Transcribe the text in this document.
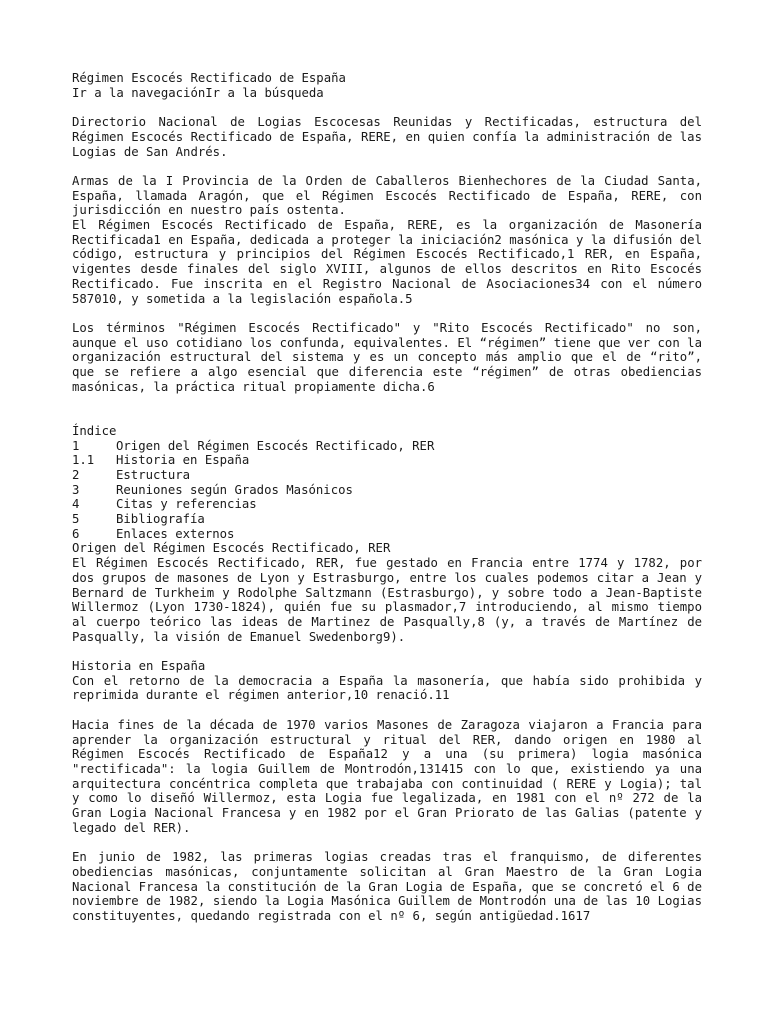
Régimen Escocés Rectificado de España

Ir a la navegaciónIr a la búsqueda

Directorio Nacional de Logias Escocesas Reunidas y Rectificadas, estructura del Régimen Escocés Rectificado de España, RERE, en quien confía la administración de las Logias de San Andrés.

Armas de la I Provincia de la Orden de Caballeros Bienhechores de la Ciudad Santa, España, llamada Aragón, que el Régimen Escocés Rectificado de España, RERE, con jurisdicción en nuestro país ostenta.

El Régimen Escocés Rectificado de España, RERE, es la organización de Masonería Rectificada1 en España, dedicada a proteger la iniciación2 masónica y la difusión del código, estructura y principios del Régimen Escocés Rectificado,1 RER, en España, vigentes desde finales del siglo XVIII, algunos de ellos descritos en Rito Escocés Rectificado. Fue inscrita en el Registro Nacional de Asociaciones34 con el número 587010, y sometida a la legislación española.5

Los términos "Régimen Escocés Rectificado" y "Rito Escocés Rectificado" no son, aunque el uso cotidiano los confunda, equivalentes. El “régimen” tiene que ver con la organización estructural del sistema y es un concepto más amplio que el de “rito”, que se refiere a algo esencial que diferencia este “régimen” de otras obediencias masónicas, la práctica ritual propiamente dicha.6

Índice

1	Origen del Régimen Escocés Rectificado, RER
1.1	Historia en España
2	Estructura
3	Reuniones según Grados Masónicos
4	Citas y referencias
5	Bibliografía
6	Enlaces externos

Origen del Régimen Escocés Rectificado, RER

El Régimen Escocés Rectificado, RER, fue gestado en Francia entre 1774 y 1782, por dos grupos de masones de Lyon y Estrasburgo, entre los cuales podemos citar a Jean y Bernard de Turkheim y Rodolphe Saltzmann (Estrasburgo), y sobre todo a Jean-Baptiste Willermoz (Lyon 1730-1824), quién fue su plasmador,7 introduciendo, al mismo tiempo al cuerpo teórico las ideas de Martinez de Pasqually,8 (y, a través de Martínez de Pasqually, la visión de Emanuel Swedenborg9).

Historia en España

Con el retorno de la democracia a España la masonería, que había sido prohibida y reprimida durante el régimen anterior,10 renació.11

Hacia fines de la década de 1970 varios Masones de Zaragoza viajaron a Francia para aprender la organización estructural y ritual del RER, dando origen en 1980 al Régimen Escocés Rectificado de España12 y a una (su primera) logia masónica "rectificada": la logia Guillem de Montrodón,131415 con lo que, existiendo ya una arquitectura concéntrica completa que trabajaba con continuidad ( RERE y Logia); tal y como lo diseñó Willermoz, esta Logia fue legalizada, en 1981 con el nº 272 de la Gran Logia Nacional Francesa y en 1982 por el Gran Priorato de las Galias (patente y legado del RER).

En junio de 1982, las primeras logias creadas tras el franquismo, de diferentes obediencias masónicas, conjuntamente solicitan al Gran Maestro de la Gran Logia Nacional Francesa la constitución de la Gran Logia de España, que se concretó el 6 de noviembre de 1982, siendo la Logia Masónica Guillem de Montrodón una de las 10 Logias constituyentes, quedando registrada con el nº 6, según antigüedad.1617
